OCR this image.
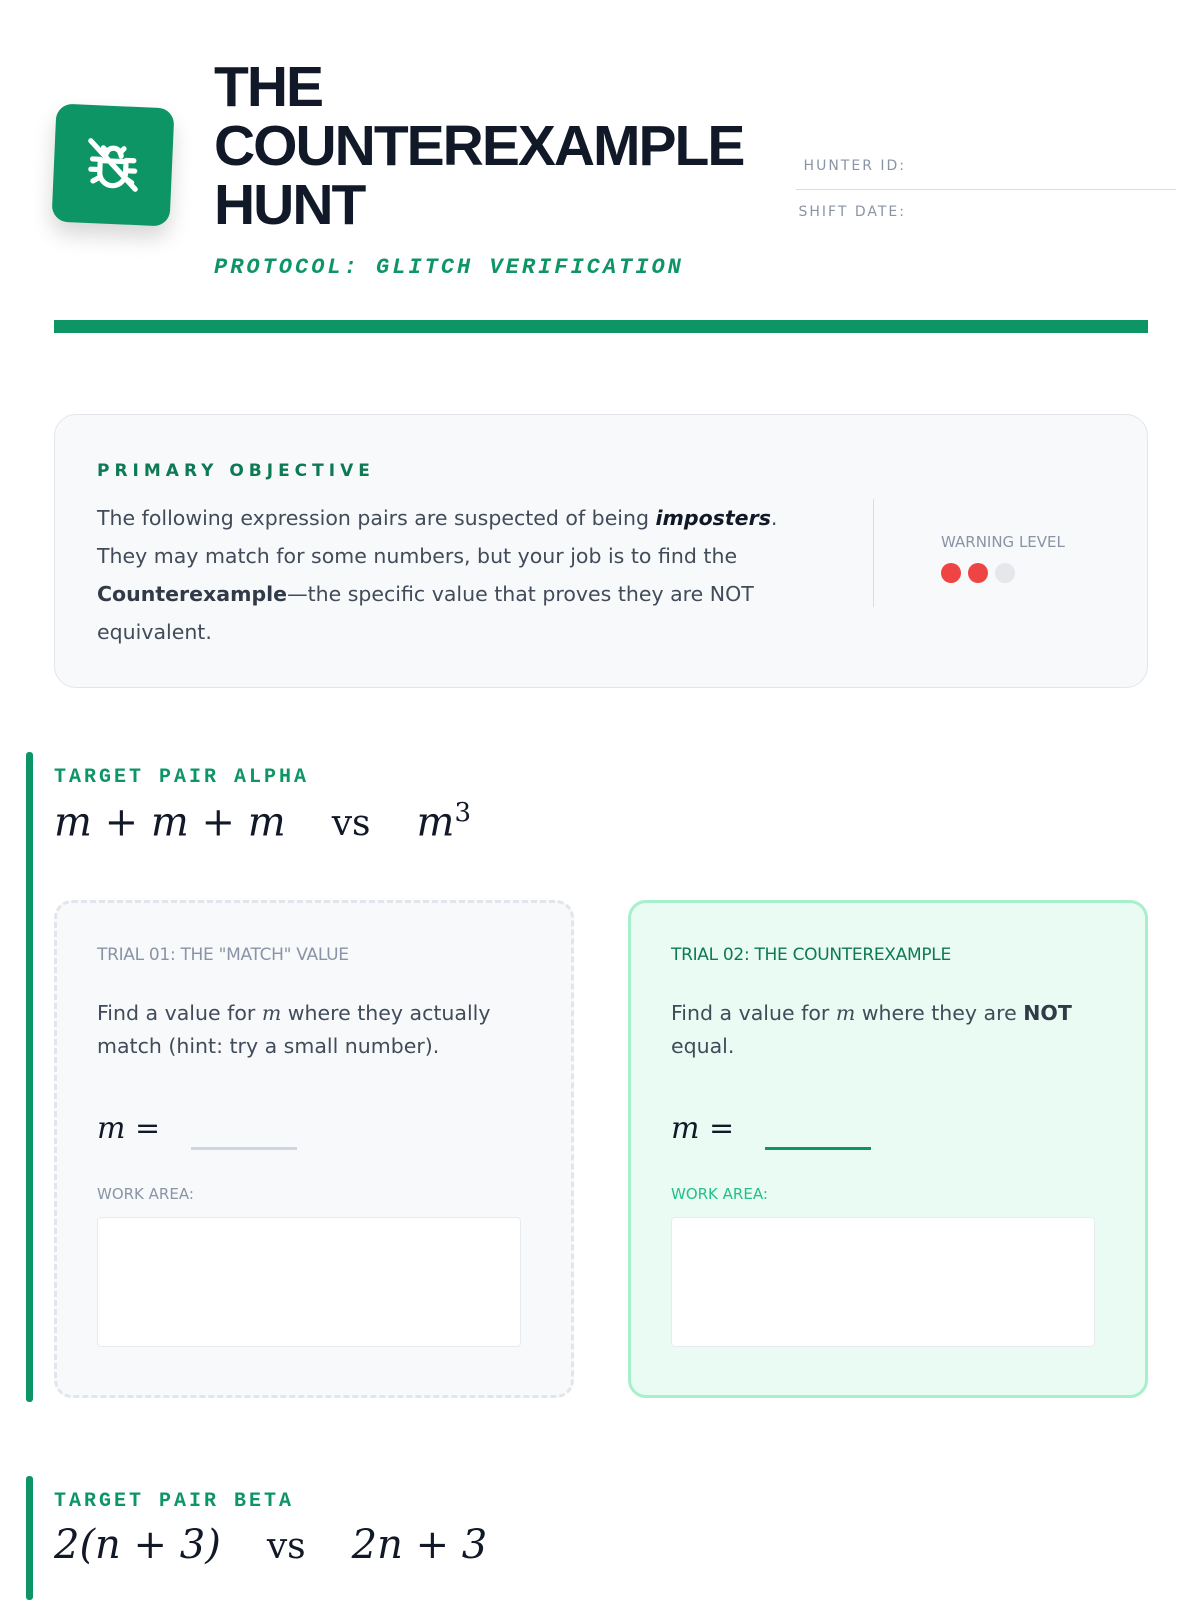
THE
COUNTEREXAMPLE
HUNT
PROTOCOL: GLITCH VERIFICATION
HUNTER ID:
SHIFT DATE:
PRIMARY OBJECTIVE
The following expression pairs are suspected of being imposters. They may match for some numbers, but your job is to find the Counterexample—the specific value that proves they are NOT equivalent.
WARNING LEVEL
TARGET PAIR ALPHA
m + m + m vs $m^3$
TRIAL 01: THE "MATCH" VALUE
Find a value for m where they actually match (hint: try a small number).
m =
WORK AREA:
TRIAL 02: THE COUNTEREXAMPLE
Find a value for m where they are NOT equal.
m =
WORK AREA:
TARGET PAIR BETA
2(n + 3) vs 2n + 3
